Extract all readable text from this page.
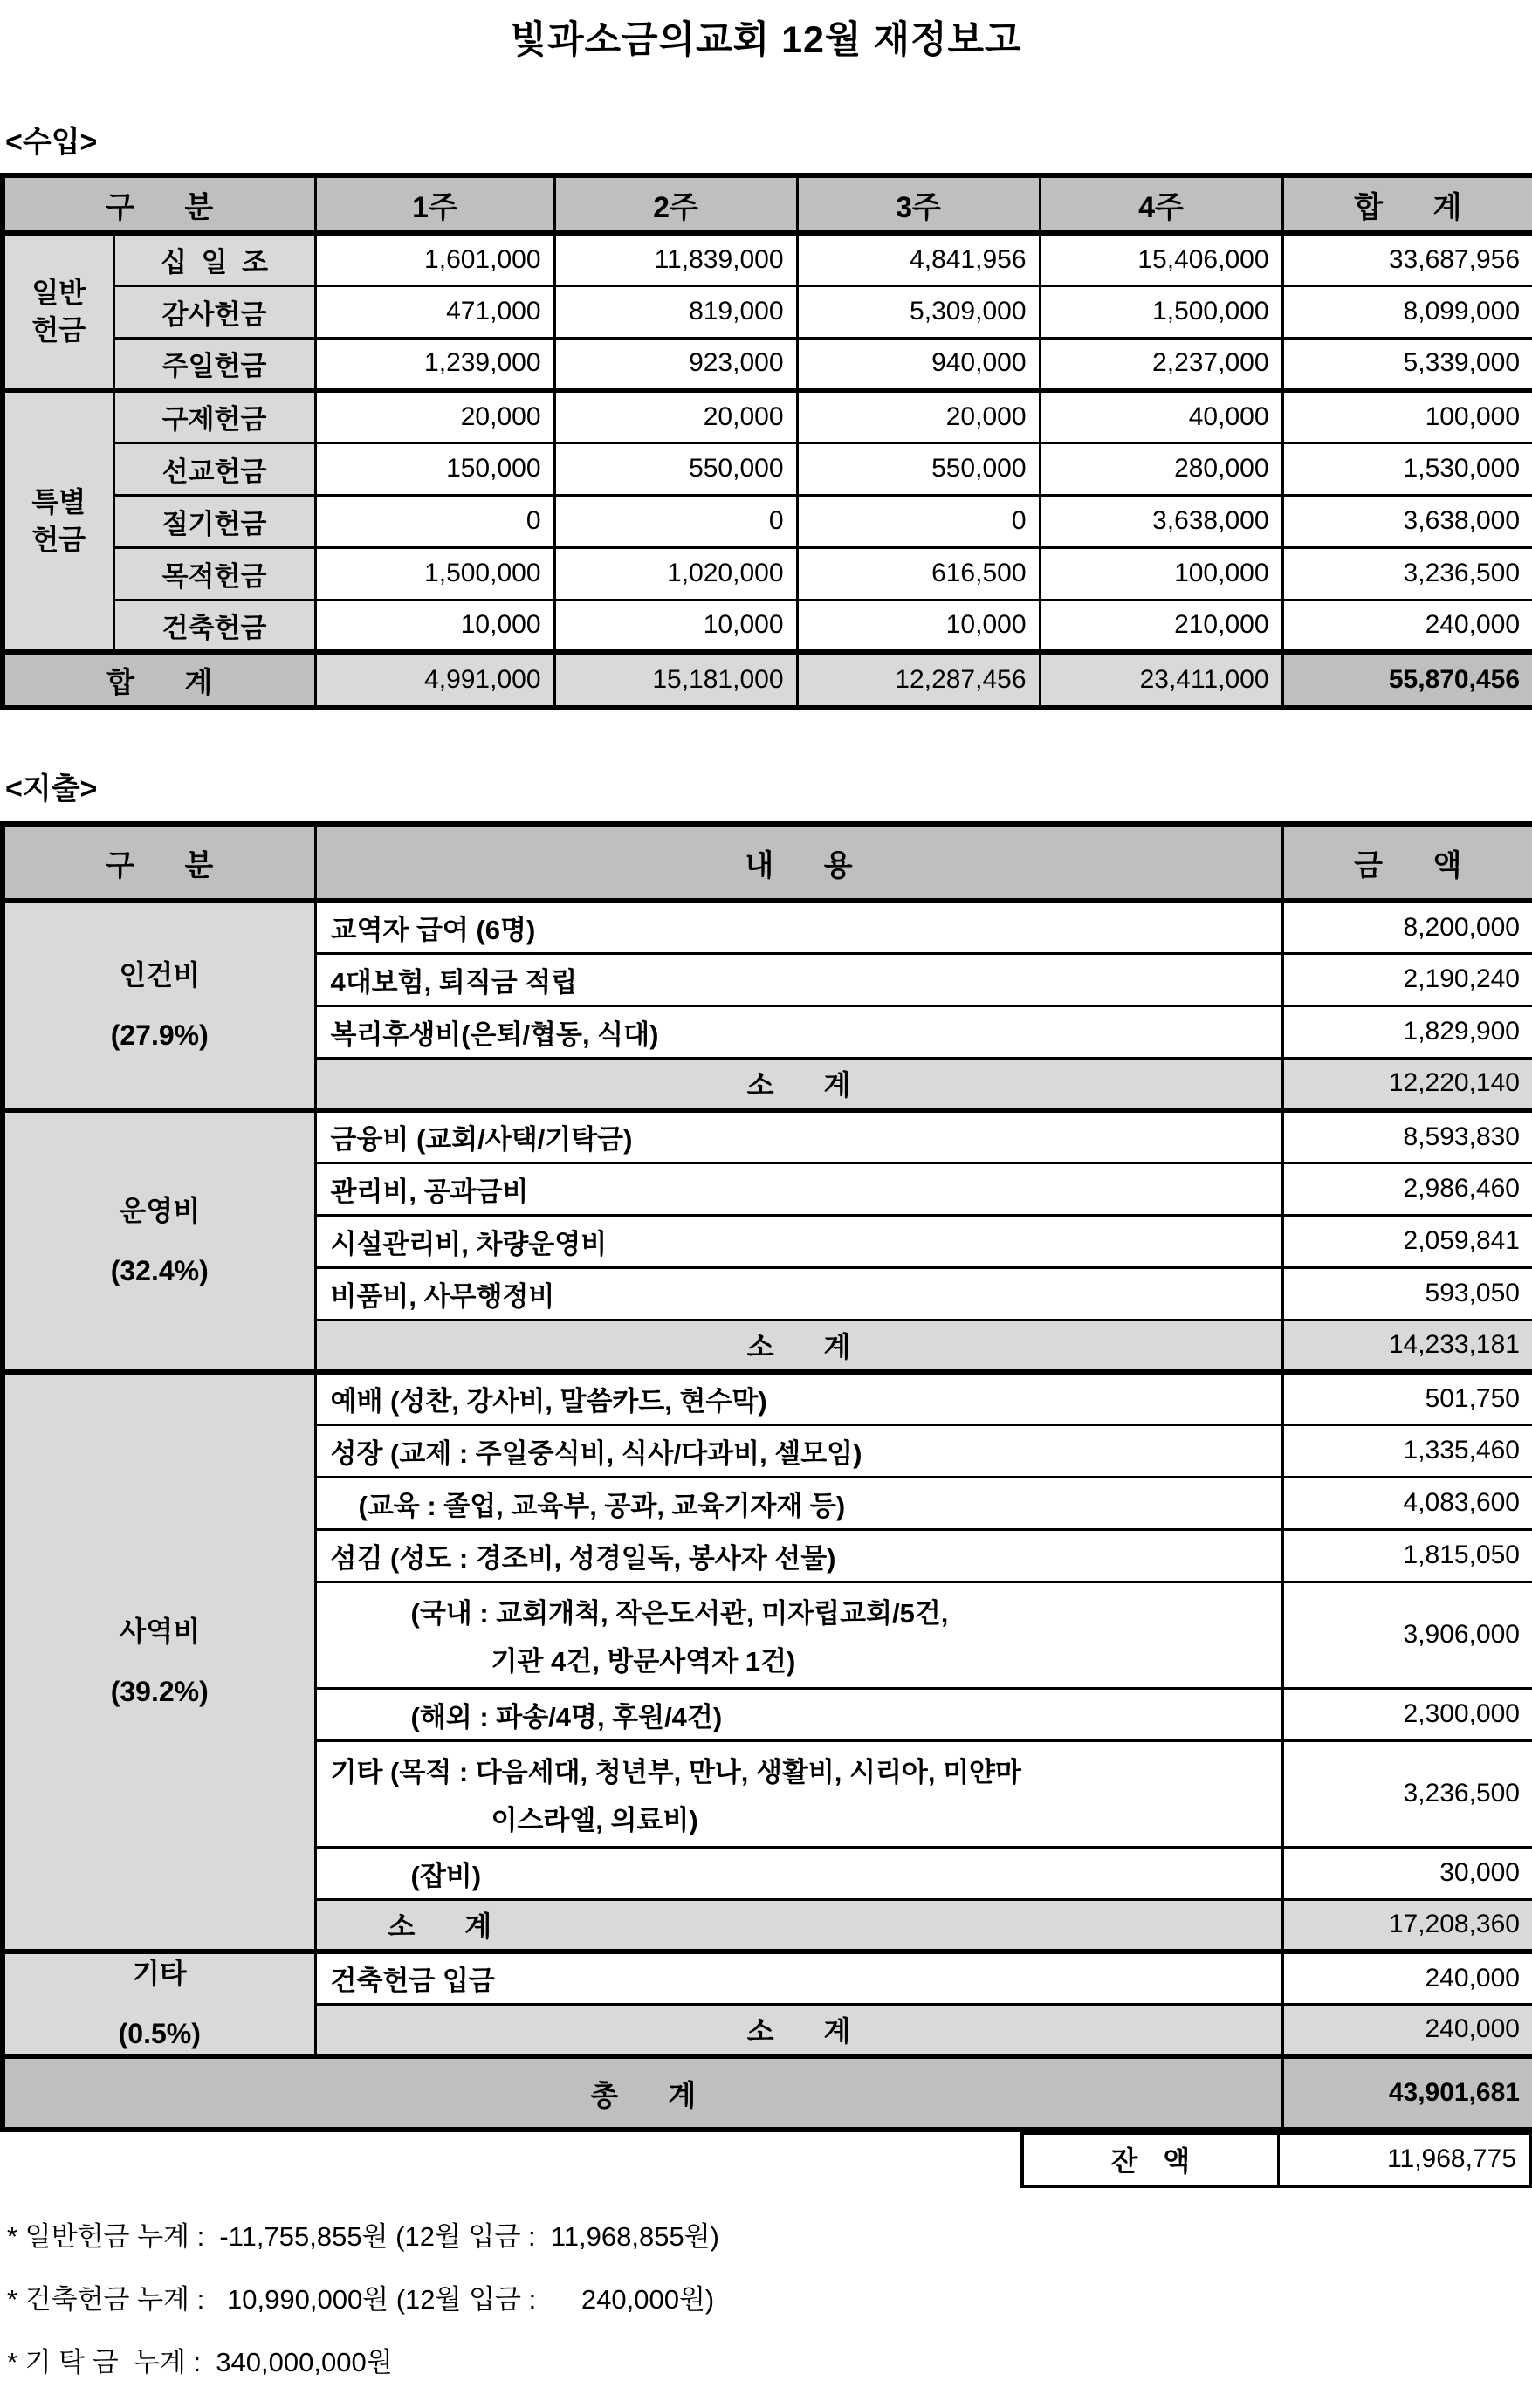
빛과소금의교회 12월 재정보고
<수입>
구 분		1주	2주	3주	4주	합 계

일반
헌금	십 일 조	1,601,000	11,839,000	4,841,956	15,406,000	33,687,956
	감사헌금	471,000	819,000	5,309,000	1,500,000	8,099,000
	주일헌금	1,239,000	923,000	940,000	2,237,000	5,339,000

특별
헌금	구제헌금	20,000	20,000	20,000	40,000	100,000
	선교헌금	150,000	550,000	550,000	280,000	1,530,000
	절기헌금	0	0	0	3,638,000	3,638,000
	목적헌금	1,500,000	1,020,000	616,500	100,000	3,236,500
	건축헌금	10,000	10,000	10,000	210,000	240,000
합 계		4,991,000	15,181,000	12,287,456	23,411,000	55,870,456
<지출>
구 분	내 용	금 액

인건비
(27.9%)	교역자 급여 (6명)	8,200,000

	4대보험, 퇴직금 적립	2,190,240

	복리후생비(은퇴/협동, 식대)	1,829,900
	소 계	12,220,140

운영비
(32.4%)	금융비 (교회/사택/기탁금)	8,593,830

	관리비, 공과금비	2,986,460

	시설관리비, 차량운영비	2,059,841

	비품비, 사무행정비	593,050
	소 계	14,233,181

사역비
(39.2%)	예배 (성찬, 강사비, 말씀카드, 현수막)	501,750

	성장 (교제 : 주일중식비, 식사/다과비, 셀모임)	1,335,460

	(교육 : 졸업, 교육부, 공과, 교육기자재 등)	4,083,600

	섬김 (성도 : 경조비, 성경일독, 봉사자 선물)	1,815,050

	(국내 : 교회개척, 작은도서관, 미자립교회/5건,
기관 4건, 방문사역자 1건)	3,906,000

	(해외 : 파송/4명, 후원/4건)	2,300,000

	기타 (목적 : 다음세대, 청년부, 만나, 생활비, 시리아, 미얀마
이스라엘, 의료비)	3,236,500

	(잡비)	30,000
	소 계	17,208,360

기타
(0.5%)	건축헌금 입금	240,000
	소 계	240,000
총 계		43,901,681
잔 액	11,968,775
* 일반헌금 누계 :  -11,755,855원 (12월 입금 :  11,968,855원)
* 건축헌금 누계 :   10,990,000원 (12월 입금 :      240,000원)
* 기 탁 금  누계 :  340,000,000원
